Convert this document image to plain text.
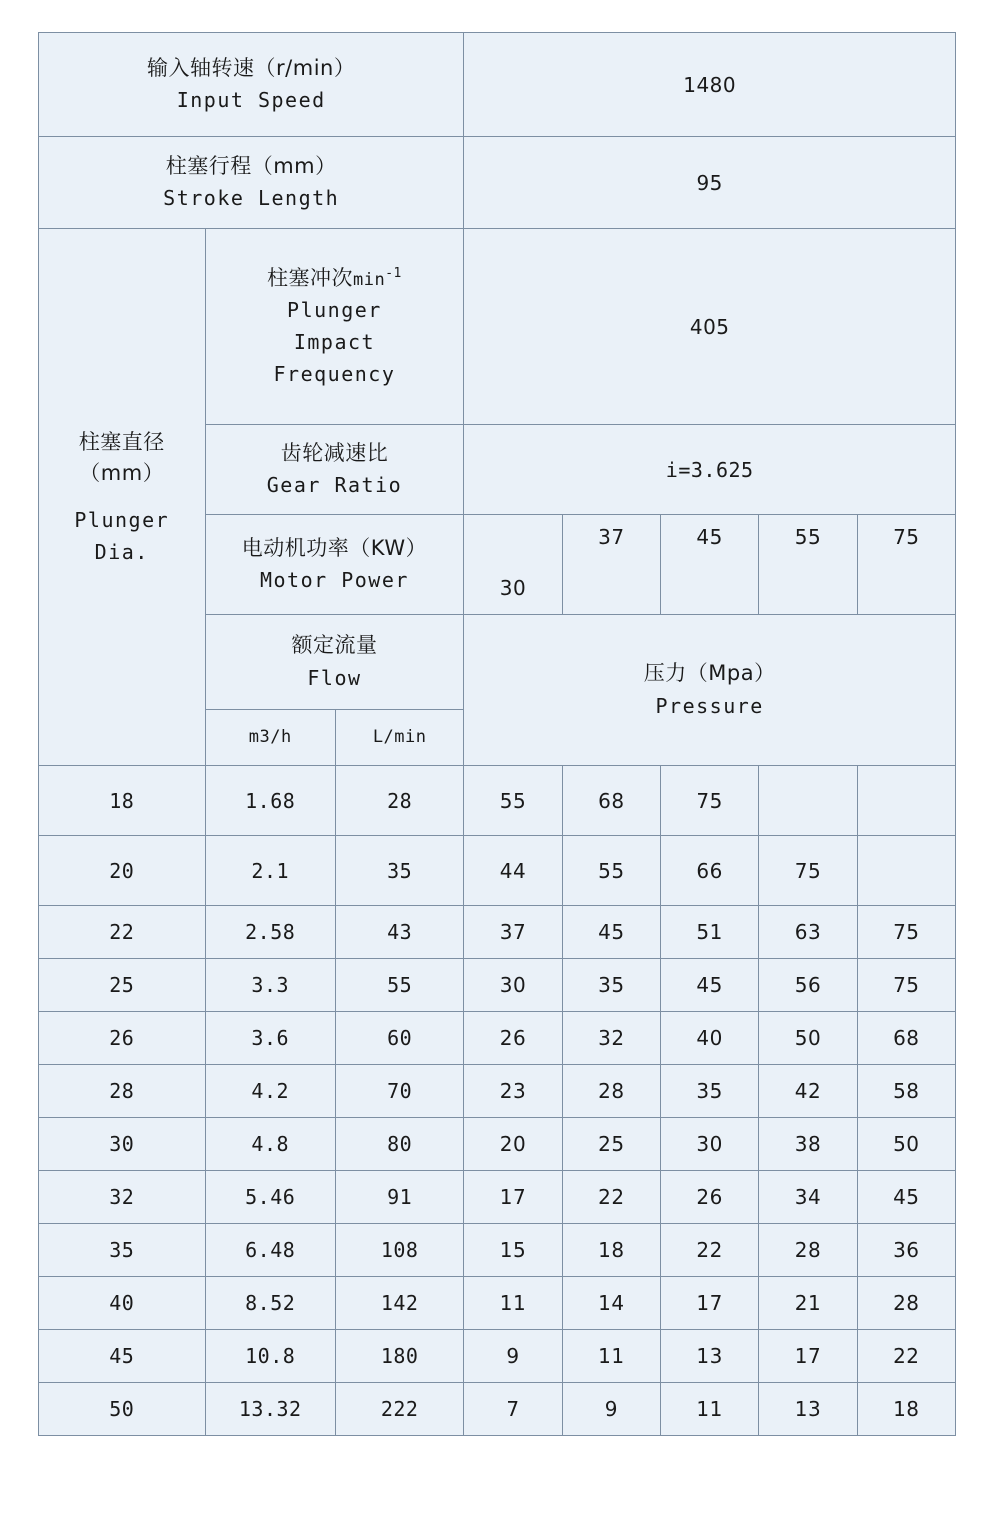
输入轴转速（r/min）
Input Speed			1480				

柱塞行程（mm）
Stroke Length			95				

柱塞直径
（mm）
Plunger
Dia.	柱塞冲次$\min^{-1}$
Plunger
Impact
Frequency		405				

	齿轮减速比
Gear Ratio		i=3.625				

	电动机功率（KW）
Motor Power		30	37	45	55	75

	额定流量
Flow		压力（Mpa）
Pressure				

	m3/h	L/min					
18	1.68	28	55	68	75		
20	2.1	35	44	55	66	75	
22	2.58	43	37	45	51	63	75
25	3.3	55	30	35	45	56	75
26	3.6	60	26	32	40	50	68
28	4.2	70	23	28	35	42	58
30	4.8	80	20	25	30	38	50
32	5.46	91	17	22	26	34	45
35	6.48	108	15	18	22	28	36
40	8.52	142	11	14	17	21	28
45	10.8	180	9	11	13	17	22
50	13.32	222	7	9	11	13	18
